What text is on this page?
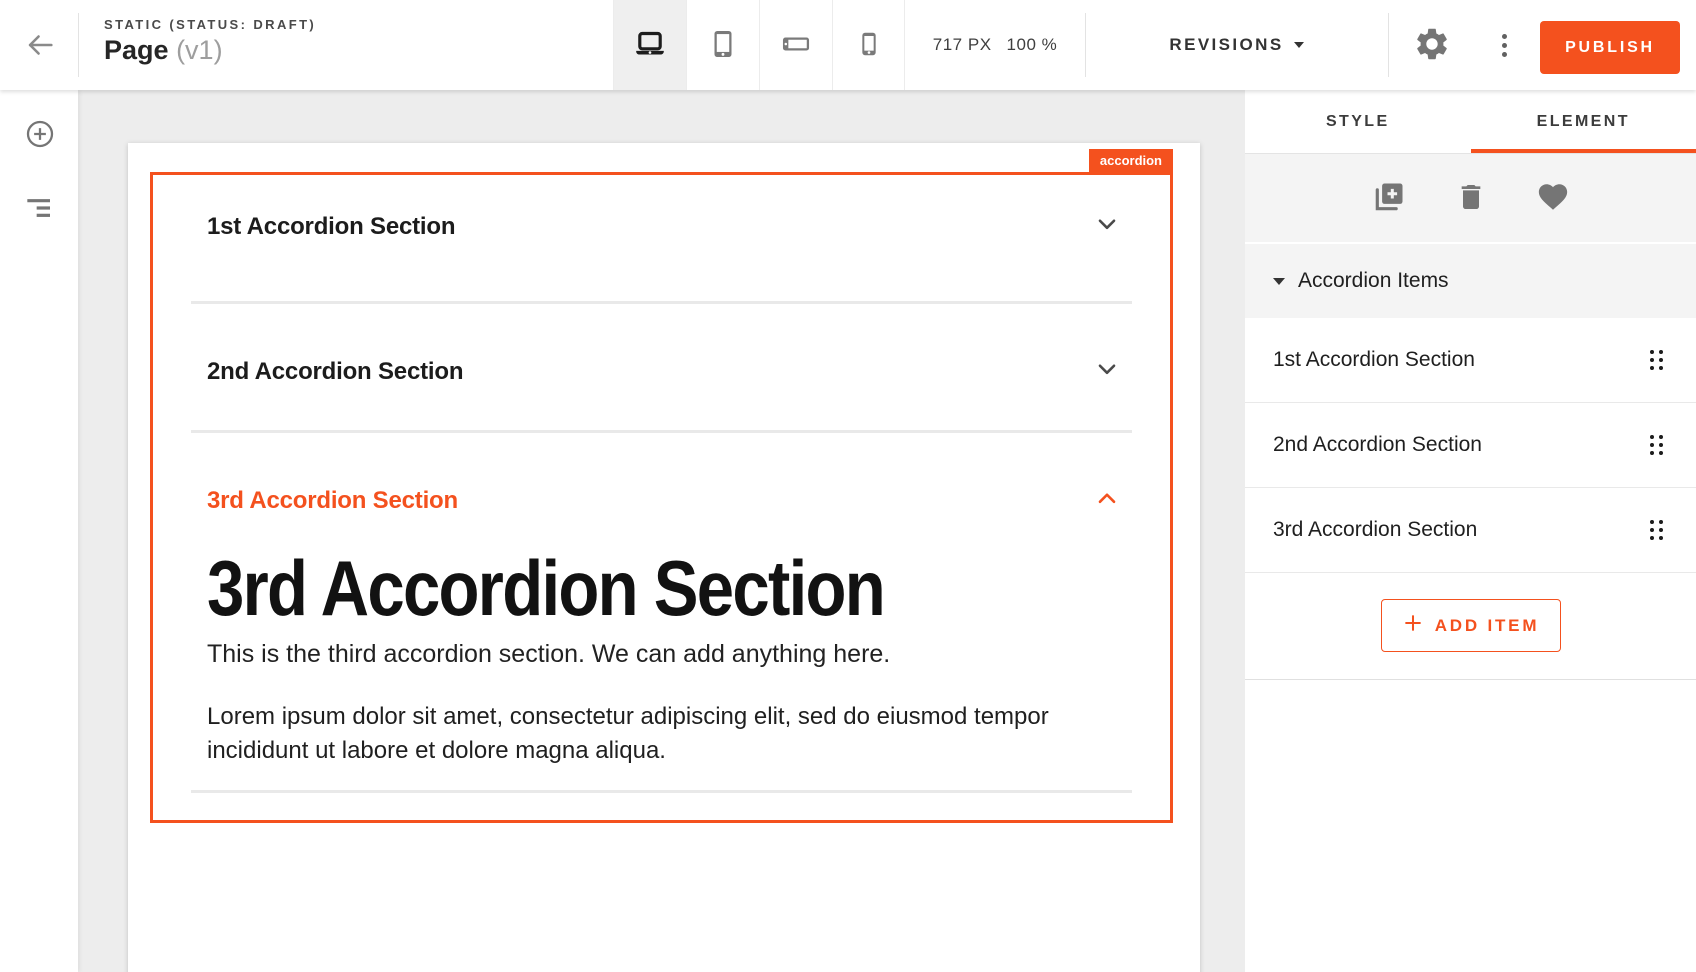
STATIC (STATUS: DRAFT)
Page (v1)	717 PX 100 %	REVISIONS	PUBLISH
accordion
1st Accordion Section
2nd Accordion Section
3rd Accordion Section
3rd Accordion Section

This is the third accordion section. We can add anything here.

Lorem ipsum dolor sit amet, consectetur adipiscing elit, sed do eiusmod tempor
incididunt ut labore et dolore magna aliqua.

STYLE	ELEMENT
Accordion Items
1st Accordion Section
2nd Accordion Section
3rd Accordion Section
ADD ITEM
